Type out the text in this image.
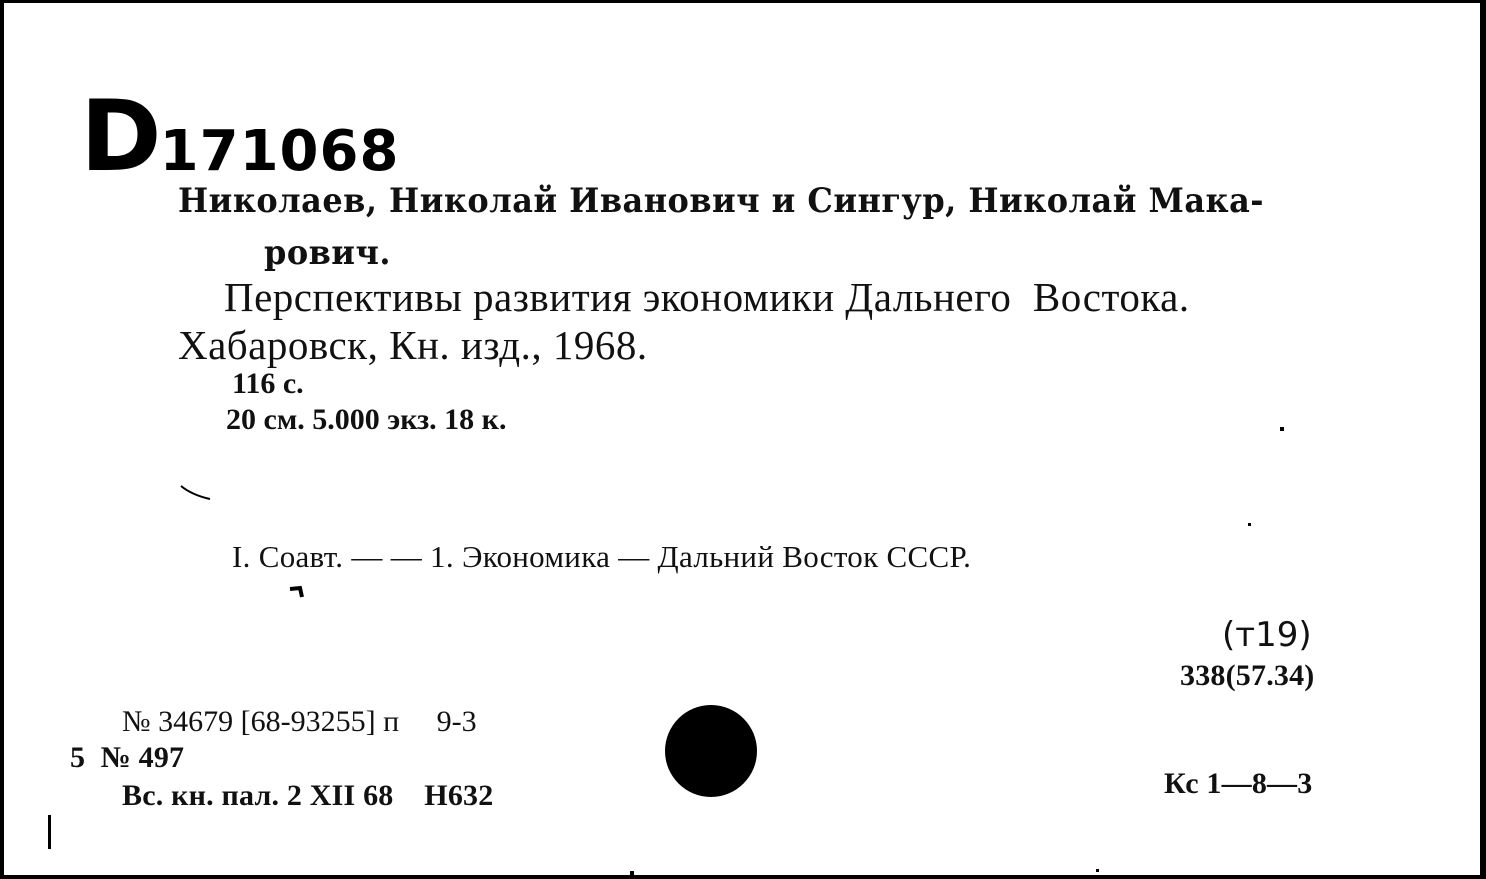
D171068

Николаев, Николай Иванович и Сингур, Николай Мака-
рович.
Перспективы развития экономики Дальнего  Востока.
Хабаровск, Кн. изд., 1968.
116 с.
20 см. 5.000 экз. 18 к.
I. Соавт. — — 1. Экономика — Дальний Восток СССР.
(т19)
338(57.34)
№ 34679 [68-93255] п     9-3
5  № 497
Вс. кн. пал. 2 XII 68    Н632	Кс 1—8—3
